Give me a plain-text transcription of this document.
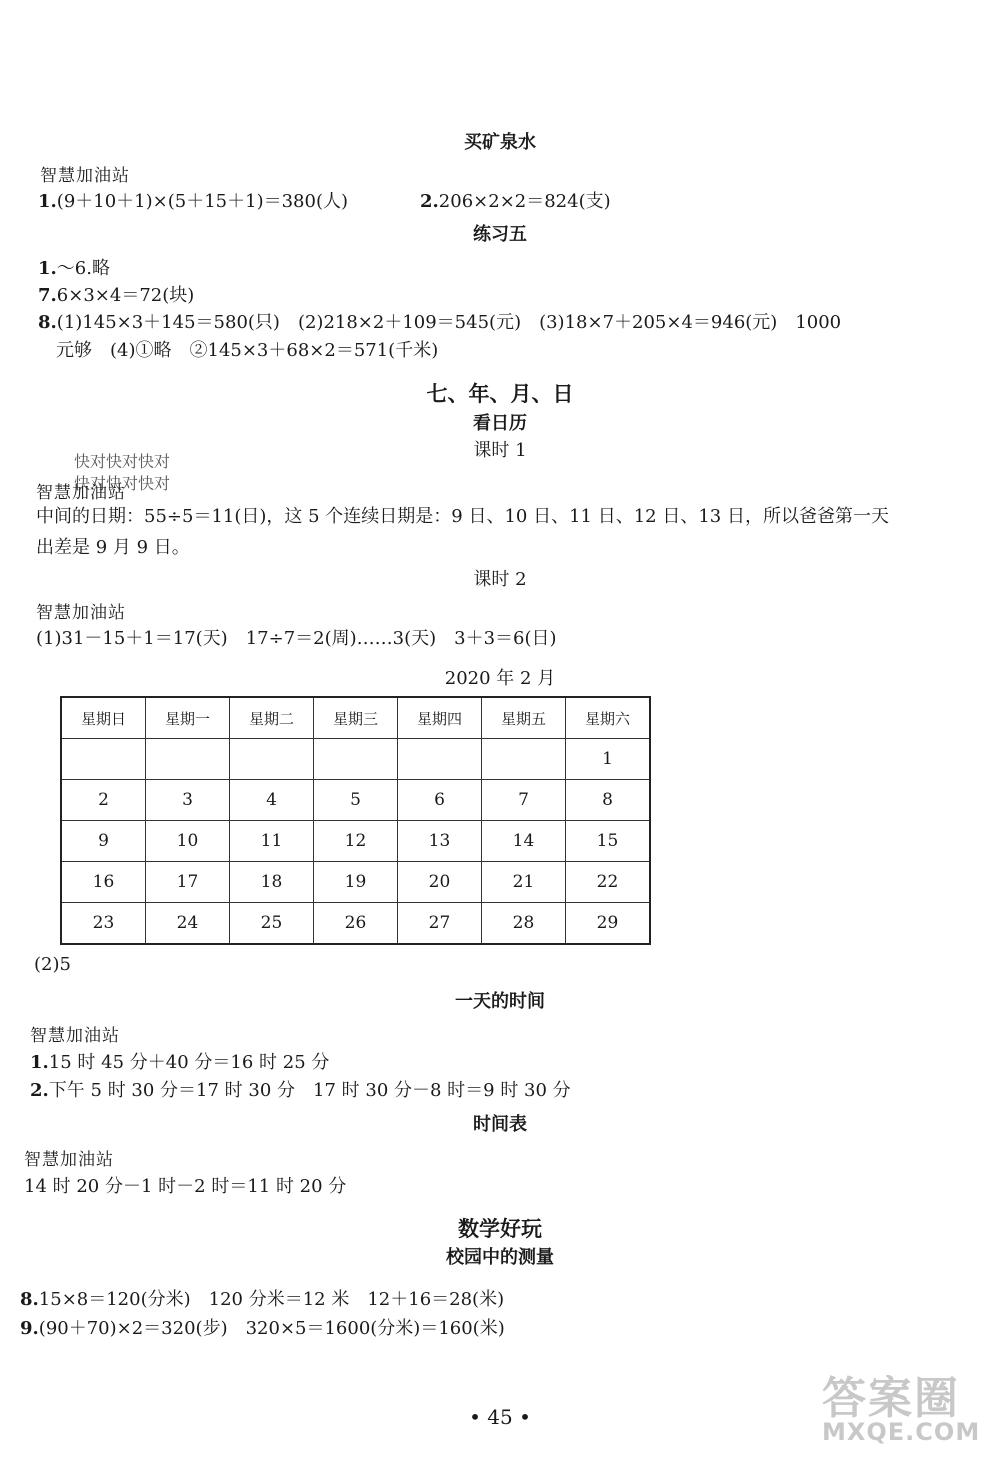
买矿泉水
智慧加油站
1.(9＋10＋1)×(5＋15＋1)＝380(人)	2.206×2×2＝824(支)
练习五
1.～6.略
7.6×3×4＝72(块)
8.(1)145×3＋145＝580(只)　(2)218×2＋109＝545(元)　(3)18×7＋205×4＝946(元)　1000
元够　(4)①略　②145×3＋68×2＝571(千米)
七、年、月、日
看日历
课时 1
快对快对快对
快对快对快对
智慧加油站
中间的日期：55÷5＝11(日)，这 5 个连续日期是：9 日、10 日、11 日、12 日、13 日，所以爸爸第一天
出差是 9 月 9 日。
课时 2
智慧加油站
(1)31－15＋1＝17(天)　17÷7＝2(周)……3(天)　3＋3＝6(日)
2020 年 2 月
星期日	星期一	星期二	星期三	星期四	星期五	星期六
						1
2	3	4	5	6	7	8
9	10	11	12	13	14	15
16	17	18	19	20	21	22
23	24	25	26	27	28	29
(2)5
一天的时间
智慧加油站
1.15 时 45 分＋40 分＝16 时 25 分
2.下午 5 时 30 分＝17 时 30 分　17 时 30 分－8 时＝9 时 30 分
时间表
智慧加油站
14 时 20 分－1 时－2 时＝11 时 20 分
数学好玩
校园中的测量
8.15×8＝120(分米)　120 分米＝12 米　12＋16＝28(米)
9.(90＋70)×2＝320(步)　320×5＝1600(分米)＝160(米)
• 45 •	答案圈
MXQE.COM
